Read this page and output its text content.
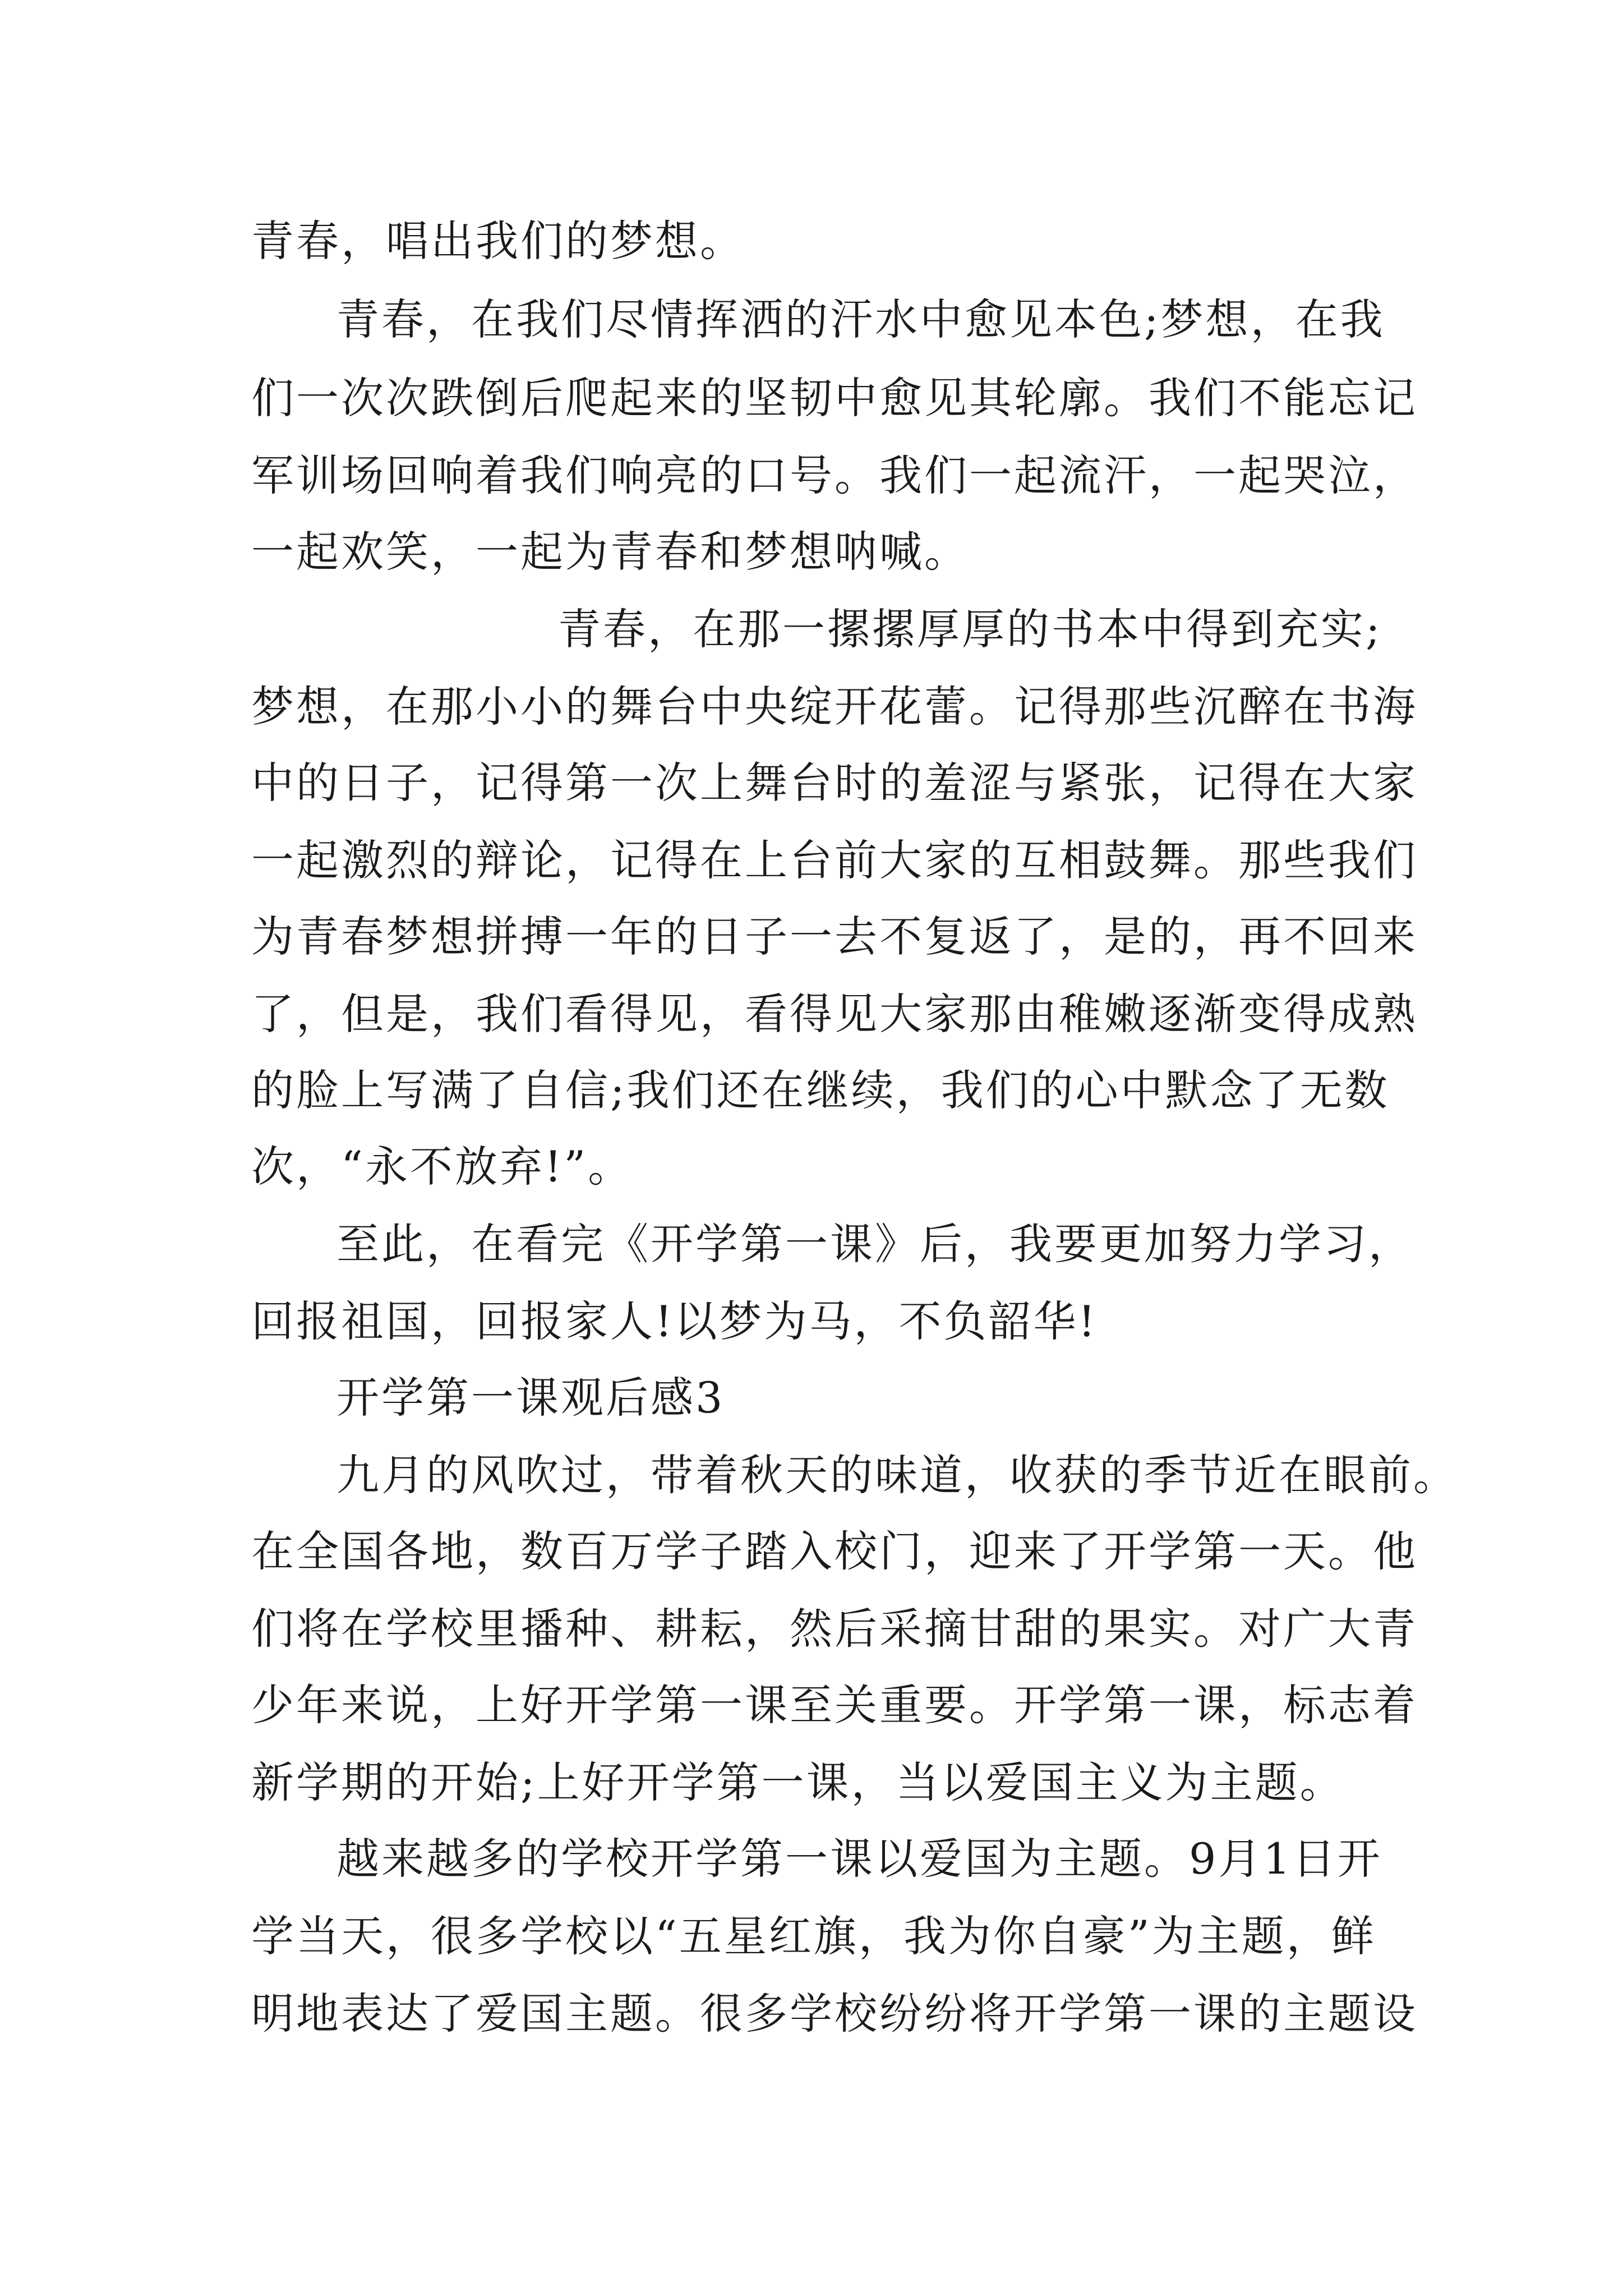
青春，唱出我们的梦想。
青春，在我们尽情挥洒的汗水中愈见本色;梦想，在我
们一次次跌倒后爬起来的坚韧中愈见其轮廓。我们不能忘记
军训场回响着我们响亮的口号。我们一起流汗，一起哭泣，
一起欢笑，一起为青春和梦想呐喊。
青春，在那一摞摞厚厚的书本中得到充实;
梦想，在那小小的舞台中央绽开花蕾。记得那些沉醉在书海
中的日子，记得第一次上舞台时的羞涩与紧张，记得在大家
一起激烈的辩论，记得在上台前大家的互相鼓舞。那些我们
为青春梦想拼搏一年的日子一去不复返了，是的，再不回来
了，但是，我们看得见，看得见大家那由稚嫩逐渐变得成熟
的脸上写满了自信;我们还在继续，我们的心中默念了无数
次，“永不放弃!”。
至此，在看完《开学第一课》后，我要更加努力学习，
回报祖国，回报家人!以梦为马，不负韶华!
开学第一课观后感3
九月的风吹过，带着秋天的味道，收获的季节近在眼前。
在全国各地，数百万学子踏入校门，迎来了开学第一天。他
们将在学校里播种、耕耘，然后采摘甘甜的果实。对广大青
少年来说，上好开学第一课至关重要。开学第一课，标志着
新学期的开始;上好开学第一课，当以爱国主义为主题。
越来越多的学校开学第一课以爱国为主题。9月1日开
学当天，很多学校以“五星红旗，我为你自豪”为主题，鲜
明地表达了爱国主题。很多学校纷纷将开学第一课的主题设
